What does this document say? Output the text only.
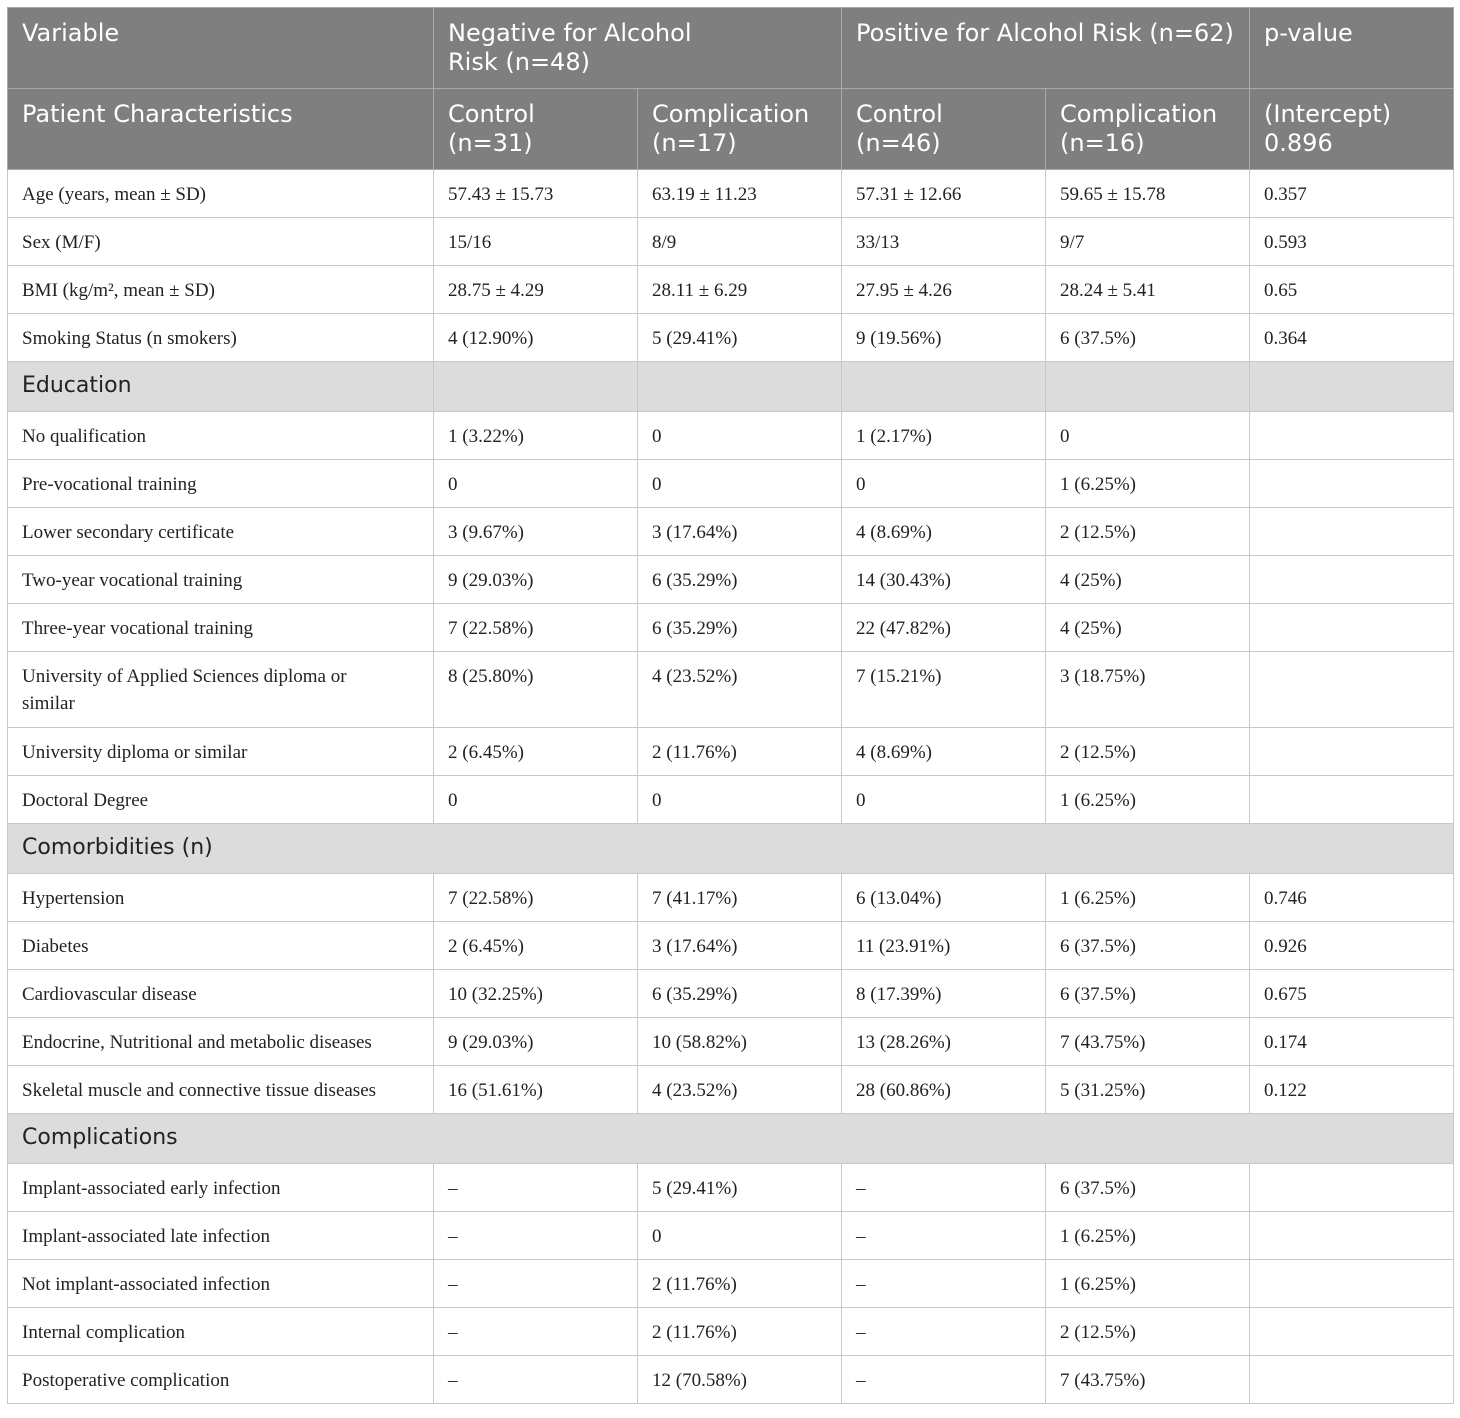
Variable	Negative for Alcohol Risk (n=48)		Positive for Alcohol Risk (n=62)		p-value
Patient Characteristics	Control (n=31)	Complication (n=17)	Control (n=46)	Complication (n=16)	(Intercept) 0.896
Age (years, mean ± SD)	57.43 ± 15.73	63.19 ± 11.23	57.31 ± 12.66	59.65 ± 15.78	0.357
Sex (M/F)	15/16	8/9	33/13	9/7	0.593
BMI (kg/m², mean ± SD)	28.75 ± 4.29	28.11 ± 6.29	27.95 ± 4.26	28.24 ± 5.41	0.65
Smoking Status (n smokers)	4 (12.90%)	5 (29.41%)	9 (19.56%)	6 (37.5%)	0.364
Education					
No qualification	1 (3.22%)	0	1 (2.17%)	0	
Pre-vocational training	0	0	0	1 (6.25%)	
Lower secondary certificate	3 (9.67%)	3 (17.64%)	4 (8.69%)	2 (12.5%)	
Two-year vocational training	9 (29.03%)	6 (35.29%)	14 (30.43%)	4 (25%)	
Three-year vocational training	7 (22.58%)	6 (35.29%)	22 (47.82%)	4 (25%)	
University of Applied Sciences diploma or similar	8 (25.80%)	4 (23.52%)	7 (15.21%)	3 (18.75%)	
University diploma or similar	2 (6.45%)	2 (11.76%)	4 (8.69%)	2 (12.5%)	
Doctoral Degree	0	0	0	1 (6.25%)	
Comorbidities (n)					
Hypertension	7 (22.58%)	7 (41.17%)	6 (13.04%)	1 (6.25%)	0.746
Diabetes	2 (6.45%)	3 (17.64%)	11 (23.91%)	6 (37.5%)	0.926
Cardiovascular disease	10 (32.25%)	6 (35.29%)	8 (17.39%)	6 (37.5%)	0.675
Endocrine, Nutritional and metabolic diseases	9 (29.03%)	10 (58.82%)	13 (28.26%)	7 (43.75%)	0.174
Skeletal muscle and connective tissue diseases	16 (51.61%)	4 (23.52%)	28 (60.86%)	5 (31.25%)	0.122
Complications					
Implant-associated early infection	–	5 (29.41%)	–	6 (37.5%)	
Implant-associated late infection	–	0	–	1 (6.25%)	
Not implant-associated infection	–	2 (11.76%)	–	1 (6.25%)	
Internal complication	–	2 (11.76%)	–	2 (12.5%)	
Postoperative complication	–	12 (70.58%)	–	7 (43.75%)	
